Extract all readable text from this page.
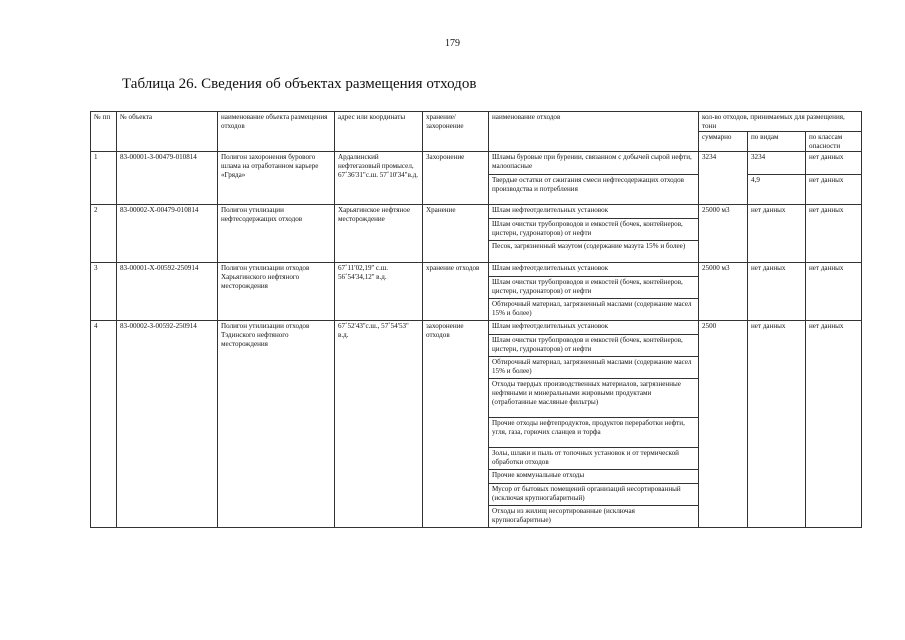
179
Таблица 26. Сведения об объектах размещения отходов
№ пп	№ объекта	наименование объекта размещения отходов	адрес или координаты	хранение/захоронение	наименование отходов	кол-во отходов, принимаемых для размещения, тонн		
						суммарно	по видам	по классам опасности
1	83-00001-З-00479-010814	Полигон захоронения бурового шлама на отработанном карьере «Гряда»	Ардалинский нефтегазовый промысел, 67˚36'31"с.ш. 57˚10'34"в.д.	Захоронение	Шламы буровые при бурении, связанном с добычей сырой нефти, малоопасные	3234	3234	нет данных
					Твердые остатки от сжигания смеси нефтесодержащих отходов производства и потребления		4,9	нет данных
2	83-00002-Х-00479-010814	Полигон утилизации нефтесодержащих отходов	Харьягинское нефтяное месторождение	Хранение	Шлам нефтеотделительных установок	25000 м3	нет данных	нет данных
					Шлам очистки трубопроводов и емкостей (бочек, контейнеров, цистерн, гудронаторов) от нефти			
					Песок, загрязненный мазутом (содержание мазута 15% и более)			
3	83-00001-Х-00592-250914	Полигон утилизации отходов Харьягинского нефтяного месторождения	67˚11'02,19'' с.ш. 56˚54'34,12'' в.д.	хранение отходов	Шлам нефтеотделительных установок	25000 м3	нет данных	нет данных
					Шлам очистки трубопроводов и емкостей (бочек, контейнеров, цистерн, гудронаторов) от нефти			
					Обтирочный материал, загрязненный маслами (содержание масел 15% и более)			
4	83-00002-З-00592-250914	Полигон утилизации отходов Тэдинского нефтяного месторождения	67˚52'43''с.ш., 57˚54'53'' в.д.	захоронение отходов	Шлам нефтеотделительных установок	2500	нет данных	нет данных
					Шлам очистки трубопроводов и емкостей (бочек, контейнеров, цистерн, гудронаторов) от нефти			
					Обтирочный материал, загрязненный маслами (содержание масел 15% и более)			
					Отходы твердых производственных материалов, загрязненные нефтяными и минеральными жировыми продуктами (отработанные масляные фильтры)			
					Прочие отходы нефтепродуктов, продуктов переработки нефти, угля, газа, горючих сланцев и торфа			
					Золы, шлаки и пыль от топочных установок и от термической обработки отходов			
					Прочие коммунальные отходы			
					Мусор от бытовых помещений организаций несортированный (исключая крупногабаритный)			
					Отходы из жилищ несортированные (исключая крупногабаритные)			
